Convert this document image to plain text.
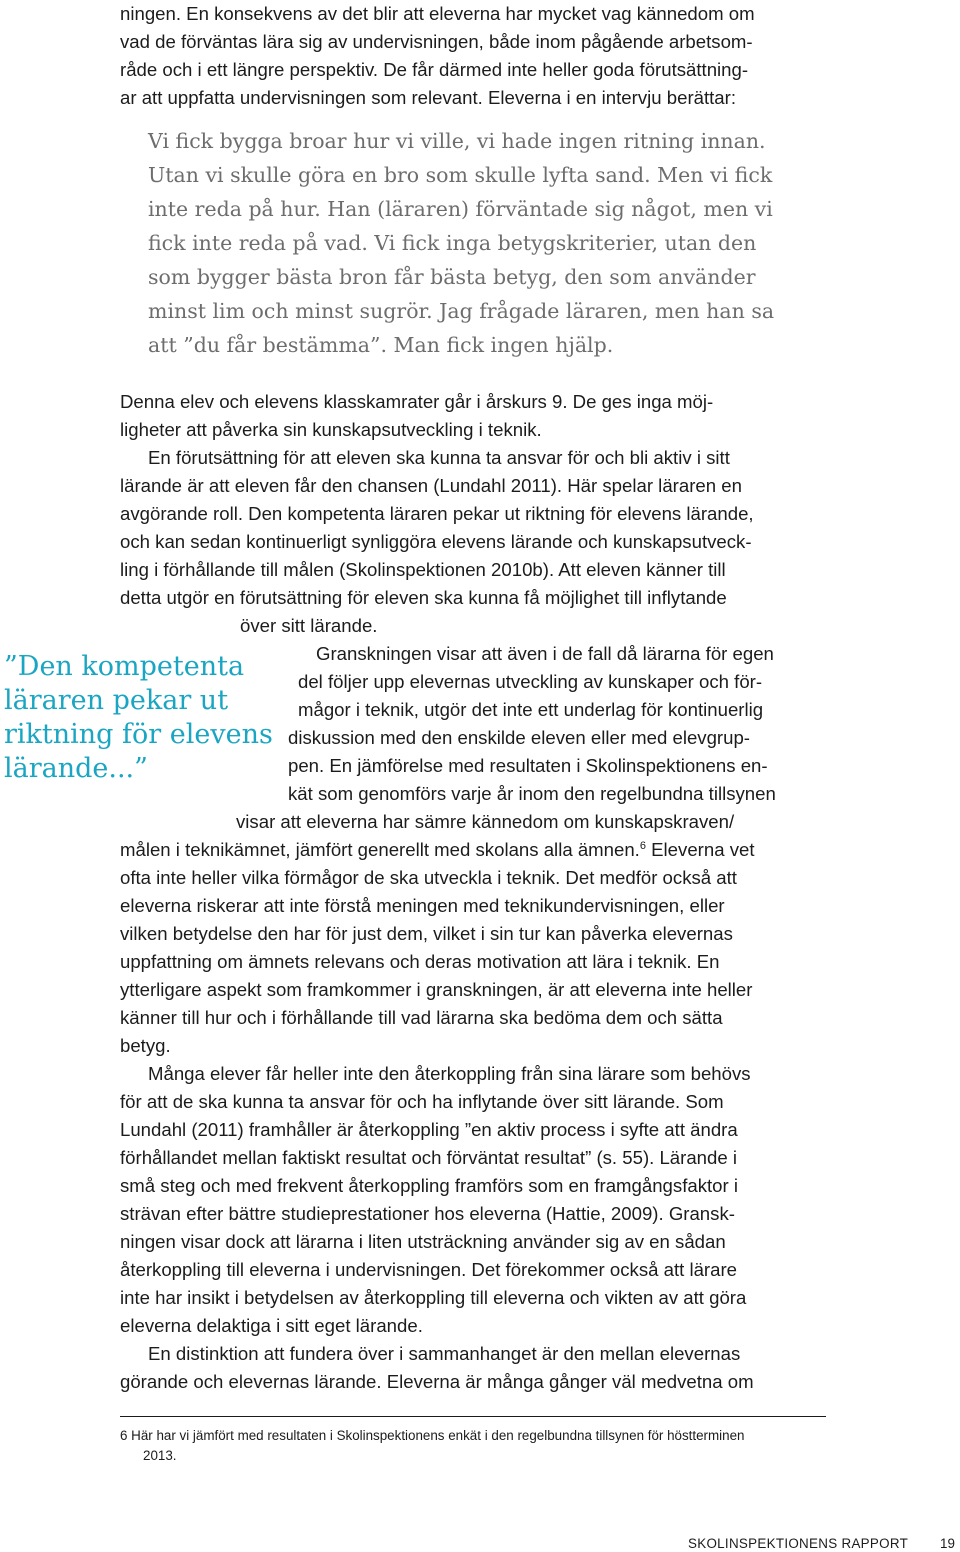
ningen. En konsekvens av det blir att eleverna har mycket vag kännedom om

vad de förväntas lära sig av undervisningen, både inom pågående arbetsom-

råde och i ett längre perspektiv. De får därmed inte heller goda förutsättning-

ar att uppfatta undervisningen som relevant. Eleverna i en intervju berättar:

Vi fick bygga broar hur vi ville, vi hade ingen ritning innan.

Utan vi skulle göra en bro som skulle lyfta sand. Men vi fick

inte reda på hur. Han (läraren) förväntade sig något, men vi

fick inte reda på vad. Vi fick inga betygskriterier, utan den

som bygger bästa bron får bästa betyg, den som använder

minst lim och minst sugrör. Jag frågade läraren, men han sa

att ”du får bestämma”. Man fick ingen hjälp.

Denna elev och elevens klasskamrater går i årskurs 9. De ges inga möj-

ligheter att påverka sin kunskapsutveckling i teknik.

En förutsättning för att eleven ska kunna ta ansvar för och bli aktiv i sitt

lärande är att eleven får den chansen (Lundahl 2011). Här spelar läraren en

avgörande roll. Den kompetenta läraren pekar ut riktning för elevens lärande,

och kan sedan kontinuerligt synliggöra elevens lärande och kunskapsutveck-

ling i förhållande till målen (Skolinspektionen 2010b). Att eleven känner till

detta utgör en förutsättning för eleven ska kunna få möjlighet till inflytande

över sitt lärande.

Granskningen visar att även i de fall då lärarna för egen

del följer upp elevernas utveckling av kunskaper och för-

mågor i teknik, utgör det inte ett underlag för kontinuerlig

diskussion med den enskilde eleven eller med elevgrup-

pen. En jämförelse med resultaten i Skolinspektionens en-

kät som genomförs varje år inom den regelbundna tillsynen

visar att eleverna har sämre kännedom om kunskapskraven/

målen i teknikämnet, jämfört generellt med skolans alla ämnen.$^6$ Eleverna vet

ofta inte heller vilka förmågor de ska utveckla i teknik. Det medför också att

eleverna riskerar att inte förstå meningen med teknikundervisningen, eller

vilken betydelse den har för just dem, vilket i sin tur kan påverka elevernas

uppfattning om ämnets relevans och deras motivation att lära i teknik. En

ytterligare aspekt som framkommer i granskningen, är att eleverna inte heller

känner till hur och i förhållande till vad lärarna ska bedöma dem och sätta

betyg.

Många elever får heller inte den återkoppling från sina lärare som behövs

för att de ska kunna ta ansvar för och ha inflytande över sitt lärande. Som

Lundahl (2011) framhåller är återkoppling ”en aktiv process i syfte att ändra

förhållandet mellan faktiskt resultat och förväntat resultat” (s. 55). Lärande i

små steg och med frekvent återkoppling framförs som en framgångsfaktor i

strävan efter bättre studieprestationer hos eleverna (Hattie, 2009). Gransk-

ningen visar dock att lärarna i liten utsträckning använder sig av en sådan

återkoppling till eleverna i undervisningen. Det förekommer också att lärare

inte har insikt i betydelsen av återkoppling till eleverna och vikten av att göra

eleverna delaktiga i sitt eget lärande.

En distinktion att fundera över i sammanhanget är den mellan elevernas

görande och elevernas lärande. Eleverna är många gånger väl medvetna om

”Den kompetenta

läraren pekar ut

riktning för elevens

lärande...”

6 Här har vi jämfört med resultaten i Skolinspektionens enkät i den regelbundna tillsynen för höstterminen

2013.

SKOLINSPEKTIONENS RAPPORT 19
